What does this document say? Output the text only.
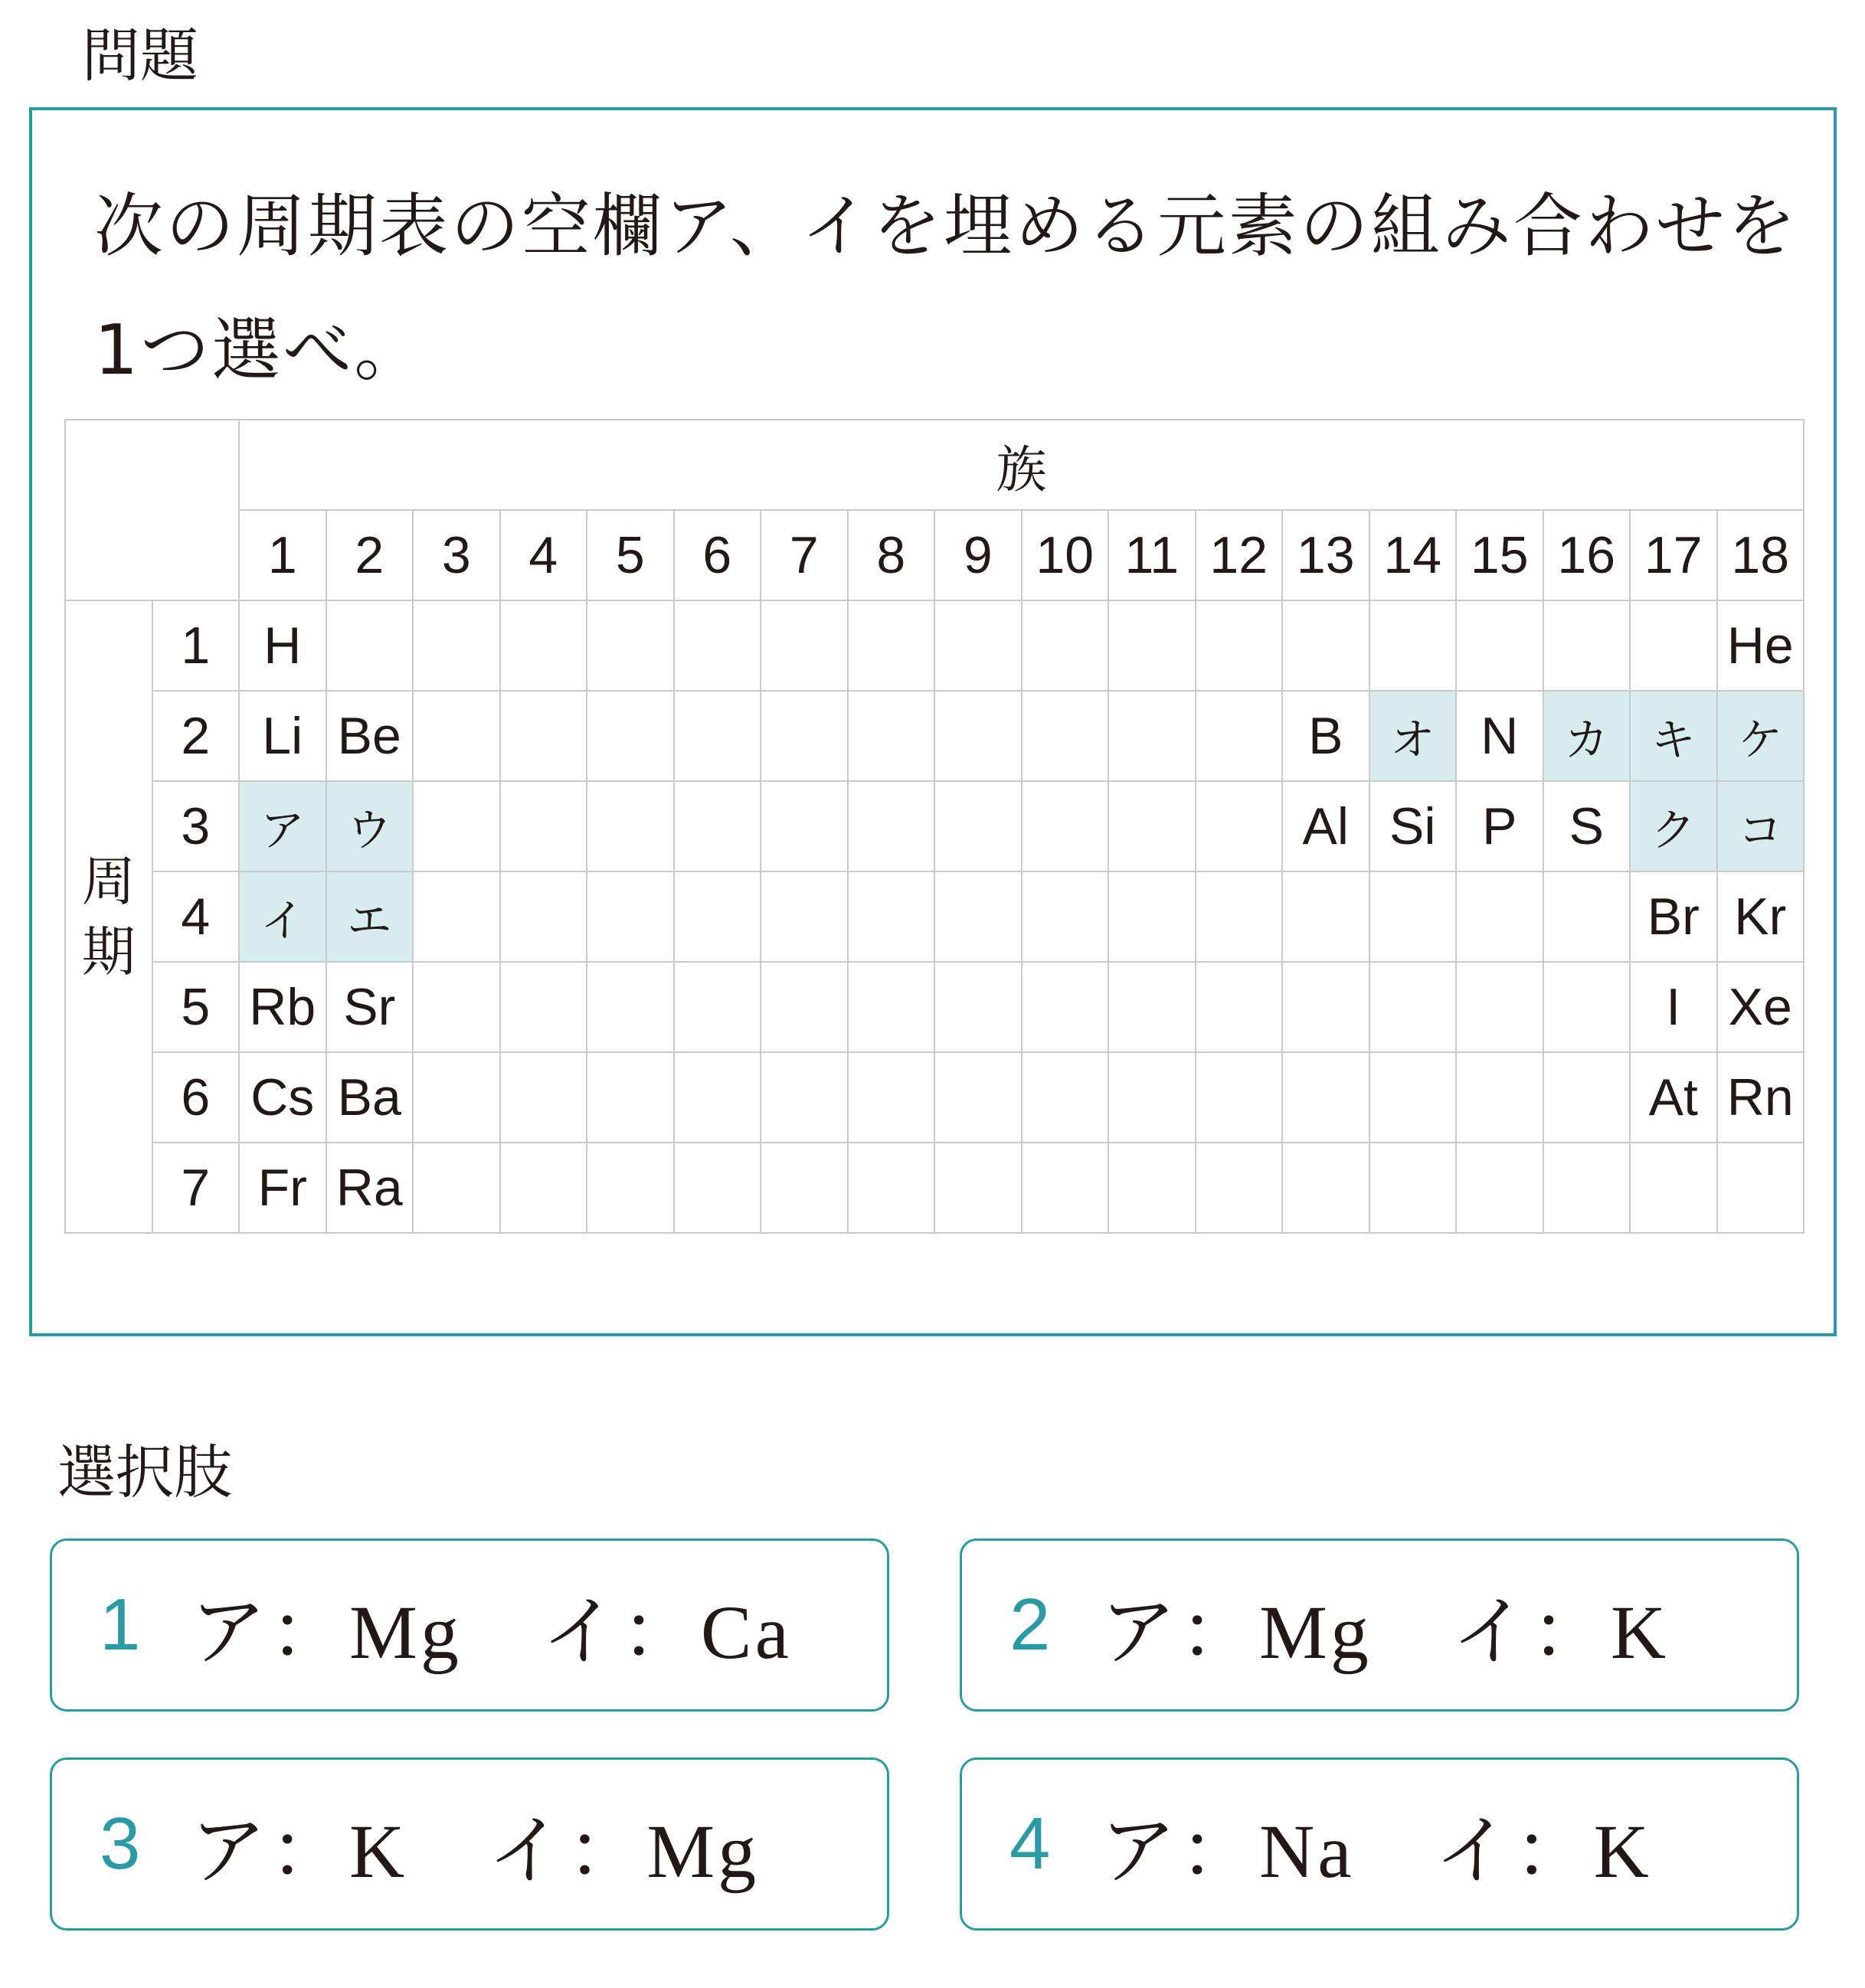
問題
次の周期表の空欄ア、イを埋める元素の組み合わせを1つ選べ。
		族																	
		1	2	3	4	5	6	7	8	9	10	11	12	13	14	15	16	17	18
周
期	1	H																	He
	2	Li	Be											B	オ	N	カ	キ	ケ
	3	ア	ウ											Al	Si	P	S	ク	コ
	4	イ	エ															Br	Kr
	5	Rb	Sr															I	Xe
	6	Cs	Ba															At	Rn
	7	Fr	Ra																
選択肢
1 ア：Mg　イ：Ca	2 ア：Mg　イ：K
3 ア：K　イ：Mg	4 ア：Na　イ：K
